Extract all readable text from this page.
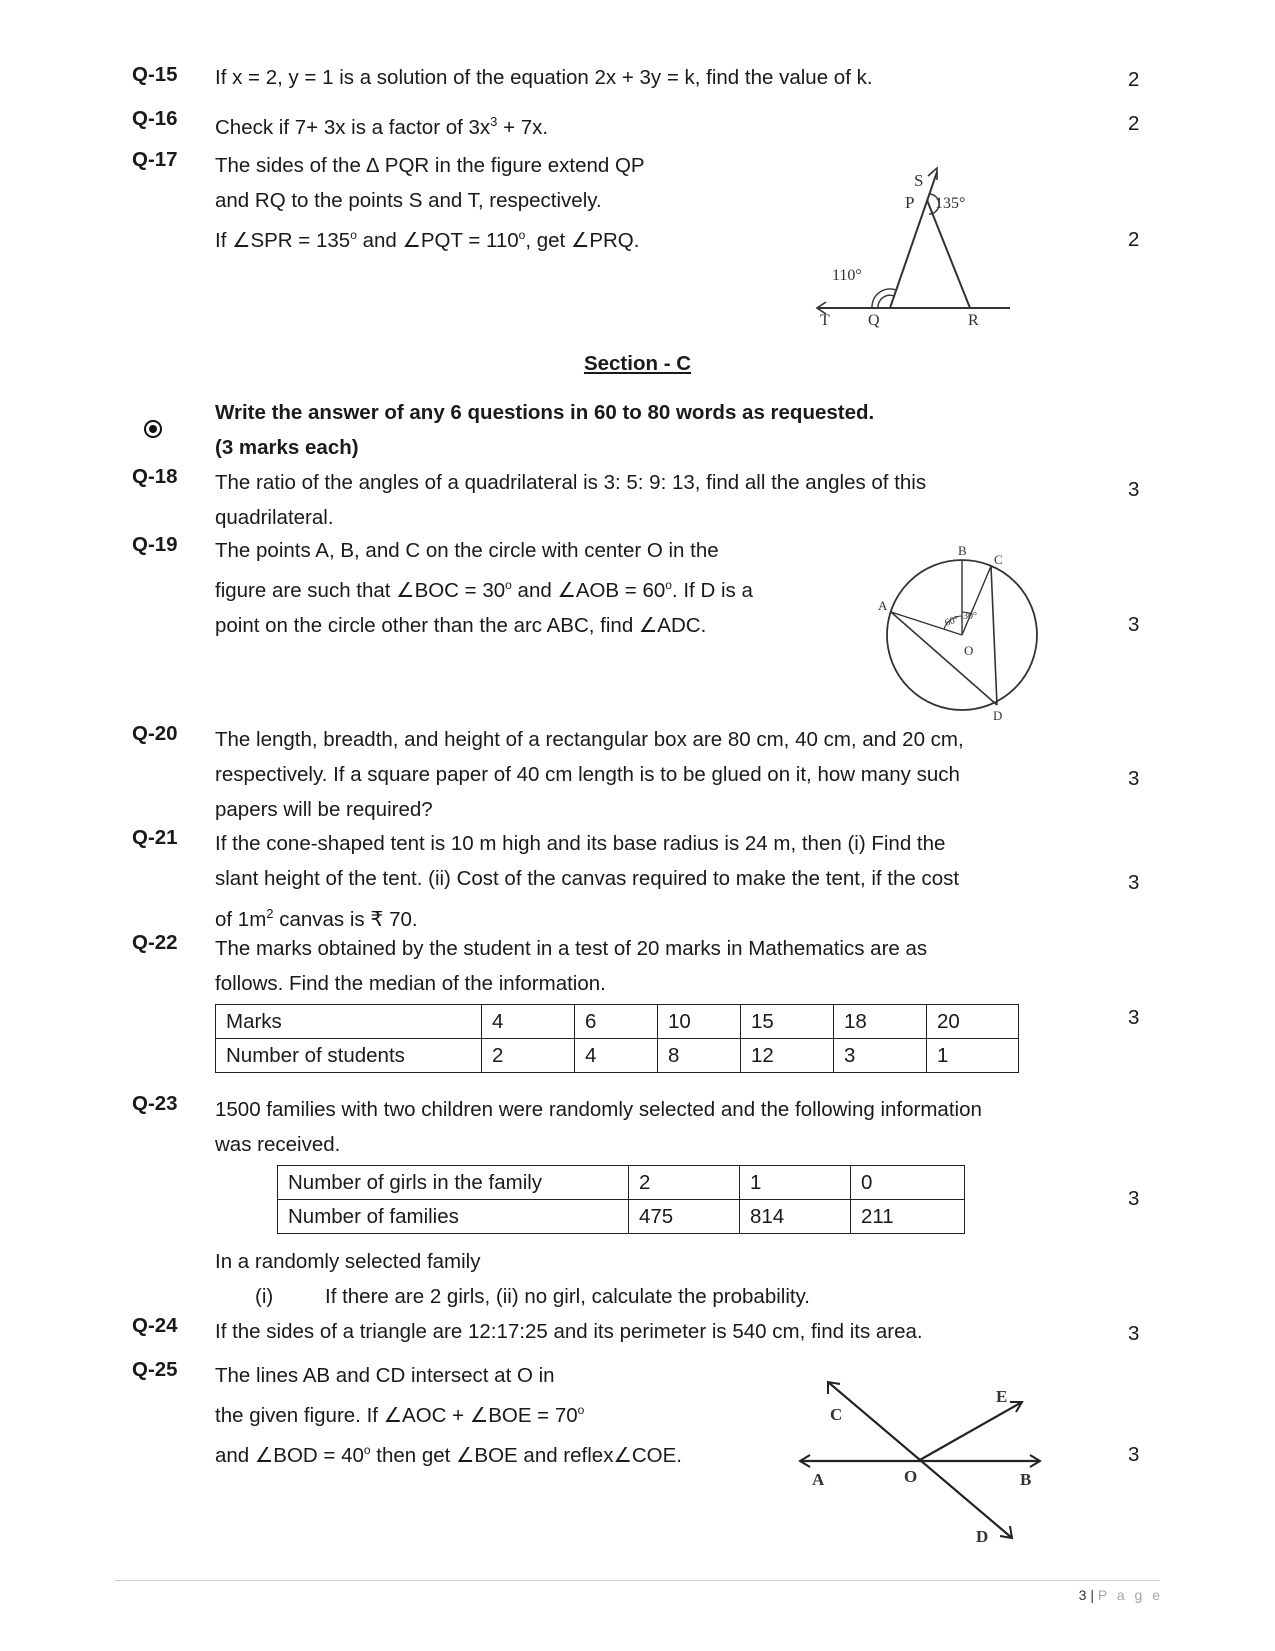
Q-15 If x = 2, y = 1 is a solution of the equation 2x + 3y = k, find the value of k.	2
Q-16 Check if 7+ 3x is a factor of $3x^3 + 7x$.	2
Q-17 The sides of the ∆ PQR in the figure extend QP
and RQ to the points S and T, respectively.
If ∠SPR = $135^o$ and ∠PQT = $110^o$, get ∠PRQ.	2
S
P 135°
110°
T Q	R
Section - C
Write the answer of any 6 questions in 60 to 80 words as requested.
(3 marks each)
Q-18 The ratio of the angles of a quadrilateral is 3: 5: 9: 13, find all the angles of this
quadrilateral.
3
Q-19 The points A, B, and C on the circle with center O in the
figure are such that ∠BOC = $30^o$ and ∠AOB = $60^o$. If D is a
point on the circle other than the arc ABC, find ∠ADC.	3
B
C
A
O
D
60° 30°
Q-20 The length, breadth, and height of a rectangular box are 80 cm, 40 cm, and 20 cm,
respectively. If a square paper of 40 cm length is to be glued on it, how many such
papers will be required?
3
Q-21 If the cone-shaped tent is 10 m high and its base radius is 24 m, then (i) Find the
slant height of the tent. (ii) Cost of the canvas required to make the tent, if the cost
of $1m^2$ canvas is ₹ 70.
3
Q-22 The marks obtained by the student in a test of 20 marks in Mathematics are as
follows. Find the median of the information.
3
Marks	4	6	10	15	18	20
Number of students	2	4	8	12	3	1
Q-23 1500 families with two children were randomly selected and the following information
was received.
3
Number of girls in the family	2	1	0
Number of families	475	814	211
In a randomly selected family
(i)	If there are 2 girls, (ii) no girl, calculate the probability.
Q-24 If the sides of a triangle are 12:17:25 and its perimeter is 540 cm, find its area.	3
Q-25 The lines AB and CD intersect at O in
the given figure. If ∠AOC + ∠BOE = $70^o$
and ∠BOD = $40^o$ then get ∠BOE and reflex∠COE.	3
A	B
C
D
E
O
3 | P a g e
